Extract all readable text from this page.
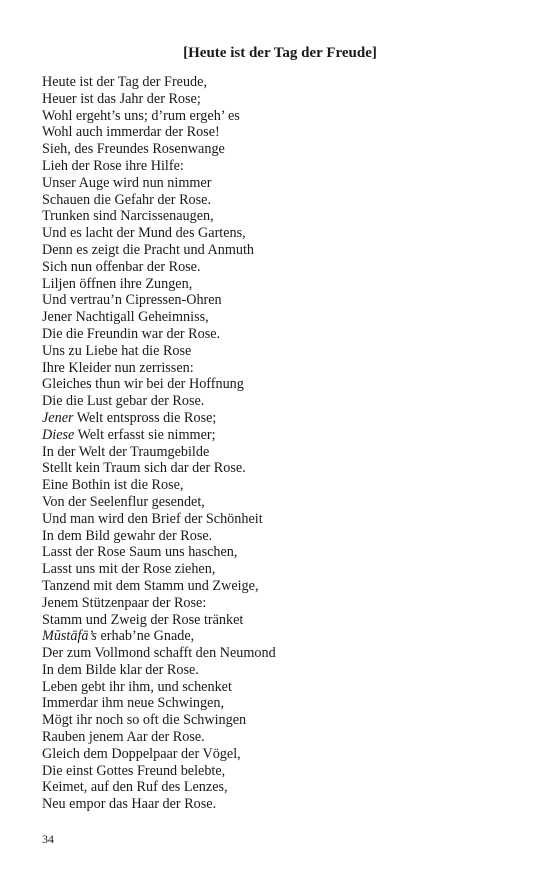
[Heute ist der Tag der Freude]
Heute ist der Tag der Freude,
Heuer ist das Jahr der Rose;
Wohl ergeht’s uns; d’rum ergeh’ es
Wohl auch immerdar der Rose!
Sieh, des Freundes Rosenwange
Lieh der Rose ihre Hilfe:
Unser Auge wird nun nimmer
Schauen die Gefahr der Rose.
Trunken sind Narcissenaugen,
Und es lacht der Mund des Gartens,
Denn es zeigt die Pracht und Anmuth
Sich nun offenbar der Rose.
Liljen öffnen ihre Zungen,
Und vertrau’n Cipressen-Ohren
Jener Nachtigall Geheimniss,
Die die Freundin war der Rose.
Uns zu Liebe hat die Rose
Ihre Kleider nun zerrissen:
Gleiches thun wir bei der Hoffnung
Die die Lust gebar der Rose.
Jener Welt entspross die Rose;
Diese Welt erfasst sie nimmer;
In der Welt der Traumgebilde
Stellt kein Traum sich dar der Rose.
Eine Bothin ist die Rose,
Von der Seelenflur gesendet,
Und man wird den Brief der Schönheit
In dem Bild gewahr der Rose.
Lasst der Rose Saum uns haschen,
Lasst uns mit der Rose ziehen,
Tanzend mit dem Stamm und Zweige,
Jenem Stützenpaar der Rose:
Stamm und Zweig der Rose tränket
Mŭstāfā’s erhab’ne Gnade,
Der zum Vollmond schafft den Neumond
In dem Bilde klar der Rose.
Leben gebt ihr ihm, und schenket
Immerdar ihm neue Schwingen,
Mögt ihr noch so oft die Schwingen
Rauben jenem Aar der Rose.
Gleich dem Doppelpaar der Vögel,
Die einst Gottes Freund belebte,
Keimet, auf den Ruf des Lenzes,
Neu empor das Haar der Rose.
34
